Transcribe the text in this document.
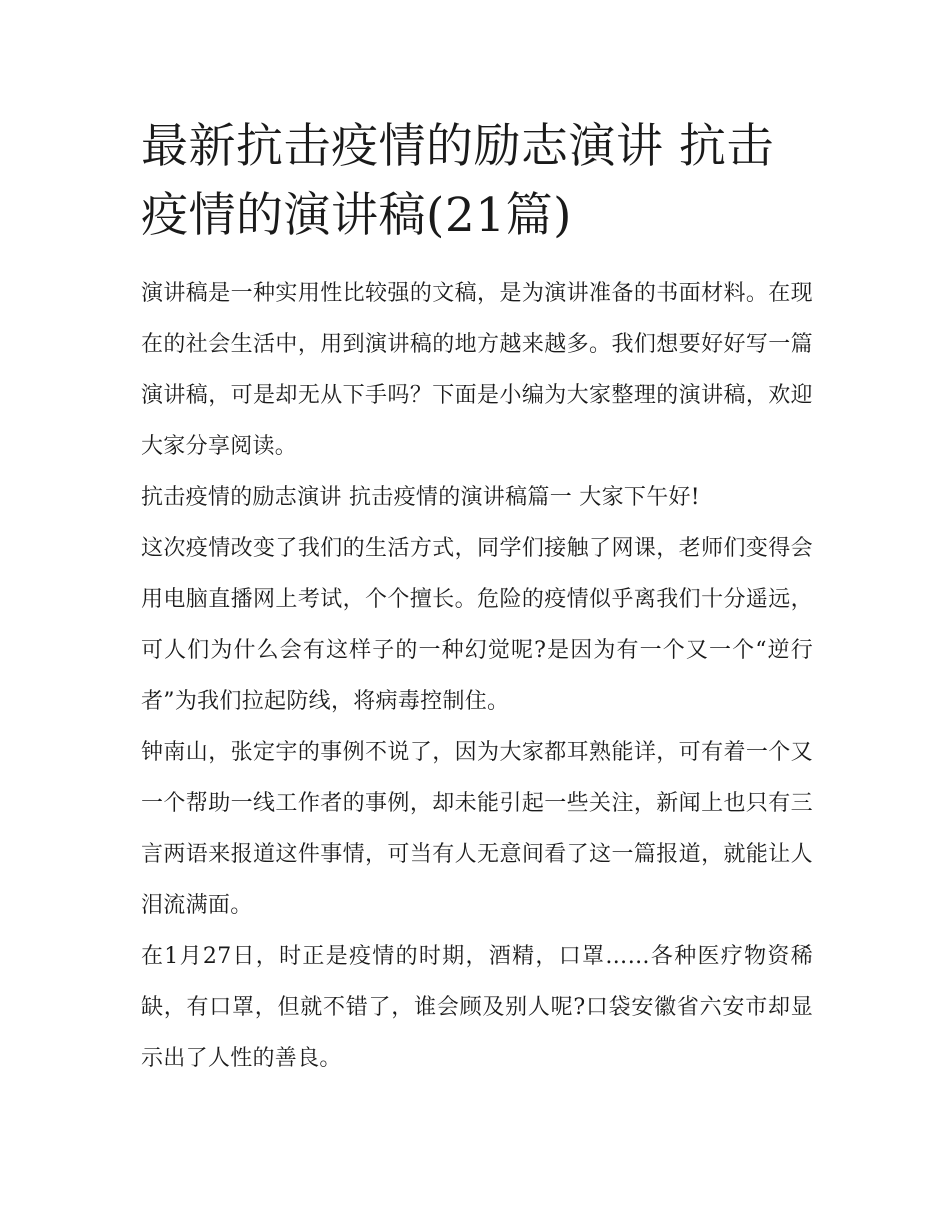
最新抗击疫情的励志演讲 抗击疫情的演讲稿(21篇)

演讲稿是一种实用性比较强的文稿，是为演讲准备的书面材料。在现在的社会生活中，用到演讲稿的地方越来越多。我们想要好好写一篇演讲稿，可是却无从下手吗？下面是小编为大家整理的演讲稿，欢迎大家分享阅读。

抗击疫情的励志演讲 抗击疫情的演讲稿篇一 大家下午好!

这次疫情改变了我们的生活方式，同学们接触了网课，老师们变得会用电脑直播网上考试，个个擅长。危险的疫情似乎离我们十分遥远，可人们为什么会有这样子的一种幻觉呢?是因为有一个又一个“逆行者”为我们拉起防线，将病毒控制住。

钟南山，张定宇的事例不说了，因为大家都耳熟能详，可有着一个又一个帮助一线工作者的事例，却未能引起一些关注，新闻上也只有三言两语来报道这件事情，可当有人无意间看了这一篇报道，就能让人泪流满面。

在1月27日，时正是疫情的时期，酒精，口罩……各种医疗物资稀缺，有口罩，但就不错了，谁会顾及别人呢?口袋安徽省六安市却显示出了人性的善良。
